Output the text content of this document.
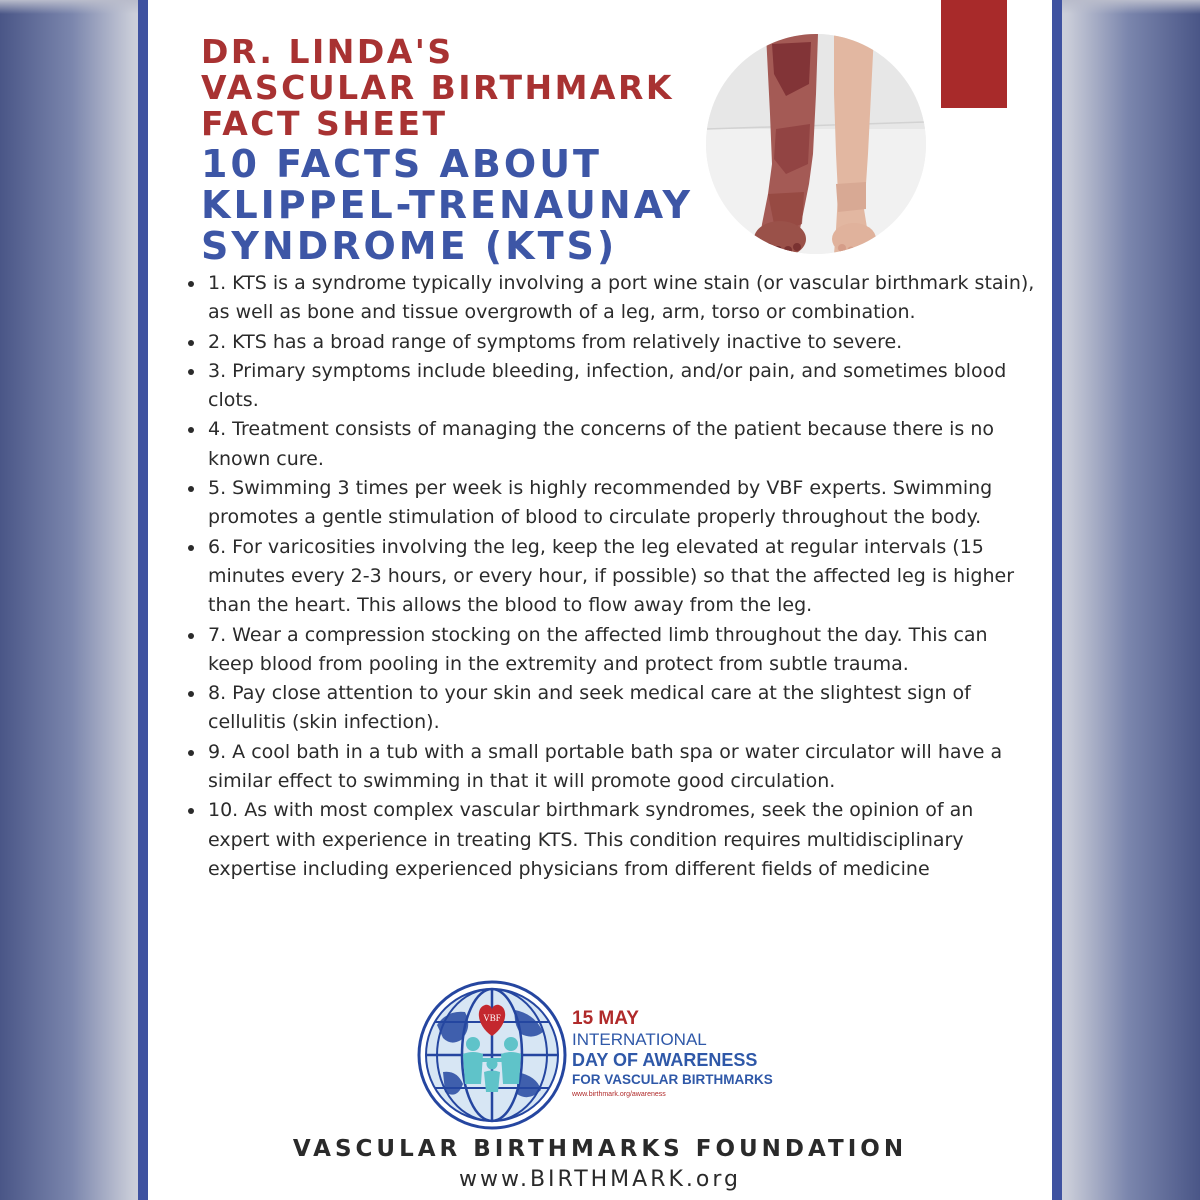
DR. LINDA'S
VASCULAR BIRTHMARK
FACT SHEET
10 FACTS ABOUT
KLIPPEL-TRENAUNAY
SYNDROME (KTS)
1. KTS is a syndrome typically involving a port wine stain (or vascular birthmark stain), as well as bone and tissue overgrowth of a leg, arm, torso or combination.
2. KTS has a broad range of symptoms from relatively inactive to severe.
3. Primary symptoms include bleeding, infection, and/or pain, and sometimes blood clots.
4. Treatment consists of managing the concerns of the patient because there is no known cure.
5. Swimming 3 times per week is highly recommended by VBF experts. Swimming promotes a gentle stimulation of blood to circulate properly throughout the body.
6. For varicosities involving the leg, keep the leg elevated at regular intervals (15 minutes every 2-3 hours, or every hour, if possible) so that the affected leg is higher than the heart. This allows the blood to flow away from the leg.
7. Wear a compression stocking on the affected limb throughout the day. This can keep blood from pooling in the extremity and protect from subtle trauma.
8. Pay close attention to your skin and seek medical care at the slightest sign of cellulitis (skin infection).
9. A cool bath in a tub with a small portable bath spa or water circulator will have a similar effect to swimming in that it will promote good circulation.
10. As with most complex vascular birthmark syndromes, seek the opinion of an expert with experience in treating KTS. This condition requires multidisciplinary expertise including experienced physicians from different fields of medicine
VBF	15 MAY
INTERNATIONAL
DAY OF AWARENESS
FOR VASCULAR BIRTHMARKS
www.birthmark.org/awareness
VASCULAR BIRTHMARKS FOUNDATION
www.BIRTHMARK.org
